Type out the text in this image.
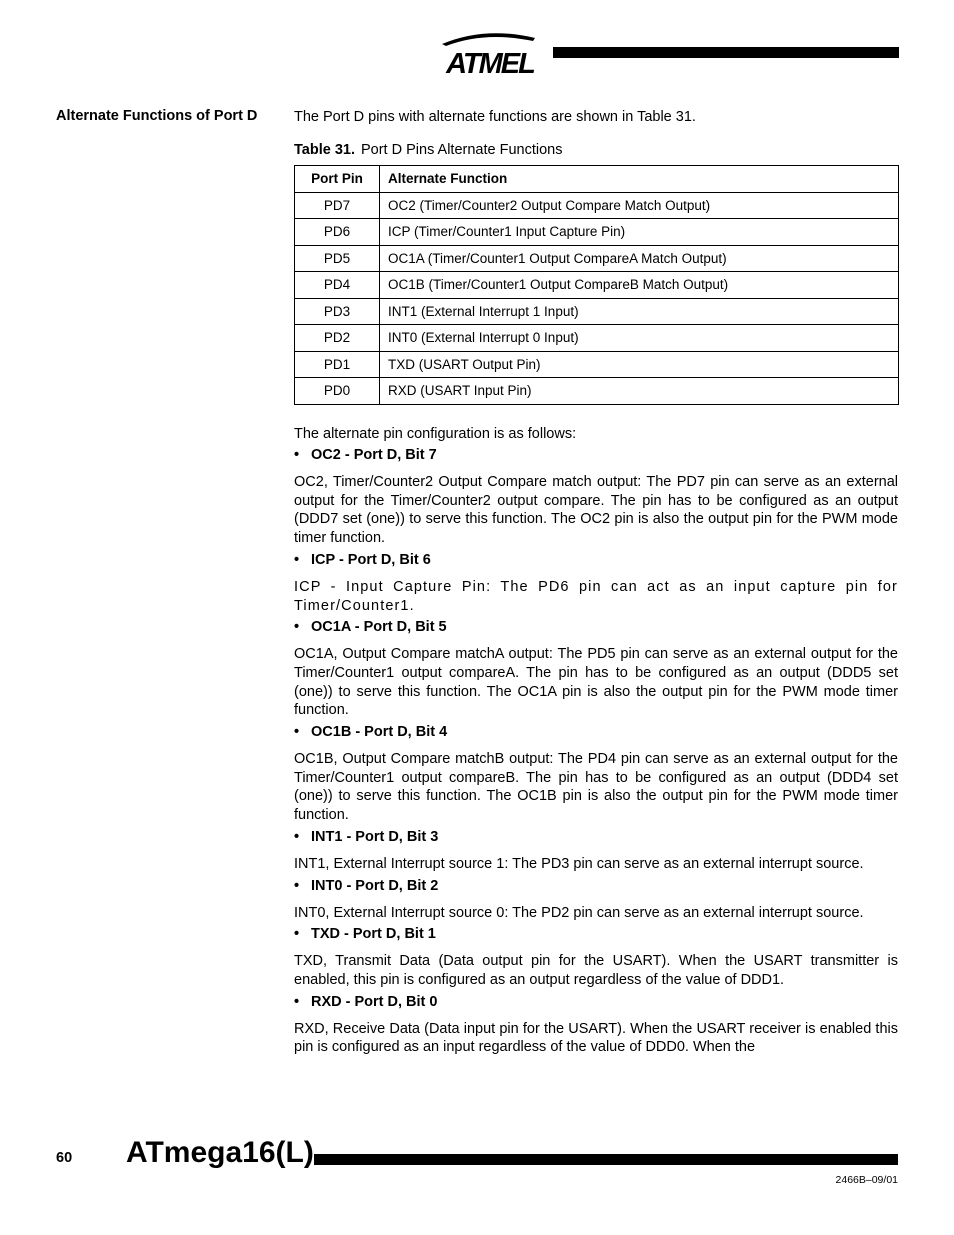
ATMEL
Alternate Functions of Port D	The Port D pins with alternate functions are shown in Table 31.

Table 31. Port D Pins Alternate Functions
Port Pin	Alternate Function
PD7	OC2 (Timer/Counter2 Output Compare Match Output)
PD6	ICP (Timer/Counter1 Input Capture Pin)
PD5	OC1A (Timer/Counter1 Output CompareA Match Output)
PD4	OC1B (Timer/Counter1 Output CompareB Match Output)
PD3	INT1 (External Interrupt 1 Input)
PD2	INT0 (External Interrupt 0 Input)
PD1	TXD (USART Output Pin)
PD0	RXD (USART Input Pin)

The alternate pin configuration is as follows:

• OC2 - Port D, Bit 7

OC2, Timer/Counter2 Output Compare match output: The PD7 pin can serve as an external output for the Timer/Counter2 output compare. The pin has to be configured as an output (DDD7 set (one)) to serve this function. The OC2 pin is also the output pin for the PWM mode timer function.

• ICP - Port D, Bit 6

ICP - Input Capture Pin: The PD6 pin can act as an input capture pin for Timer/Counter1.

• OC1A - Port D, Bit 5

OC1A, Output Compare matchA output: The PD5 pin can serve as an external output for the Timer/Counter1 output compareA. The pin has to be configured as an output (DDD5 set (one)) to serve this function. The OC1A pin is also the output pin for the PWM mode timer function.

• OC1B - Port D, Bit 4

OC1B, Output Compare matchB output: The PD4 pin can serve as an external output for the Timer/Counter1 output compareB. The pin has to be configured as an output (DDD4 set (one)) to serve this function. The OC1B pin is also the output pin for the PWM mode timer function.

• INT1 - Port D, Bit 3

INT1, External Interrupt source 1: The PD3 pin can serve as an external interrupt source.

• INT0 - Port D, Bit 2

INT0, External Interrupt source 0: The PD2 pin can serve as an external interrupt source.

• TXD - Port D, Bit 1

TXD, Transmit Data (Data output pin for the USART). When the USART transmitter is enabled, this pin is configured as an output regardless of the value of DDD1.

• RXD - Port D, Bit 0

RXD, Receive Data (Data input pin for the USART). When the USART receiver is enabled this pin is configured as an input regardless of the value of DDD0. When the

60 ATmega16(L)
2466B–09/01
